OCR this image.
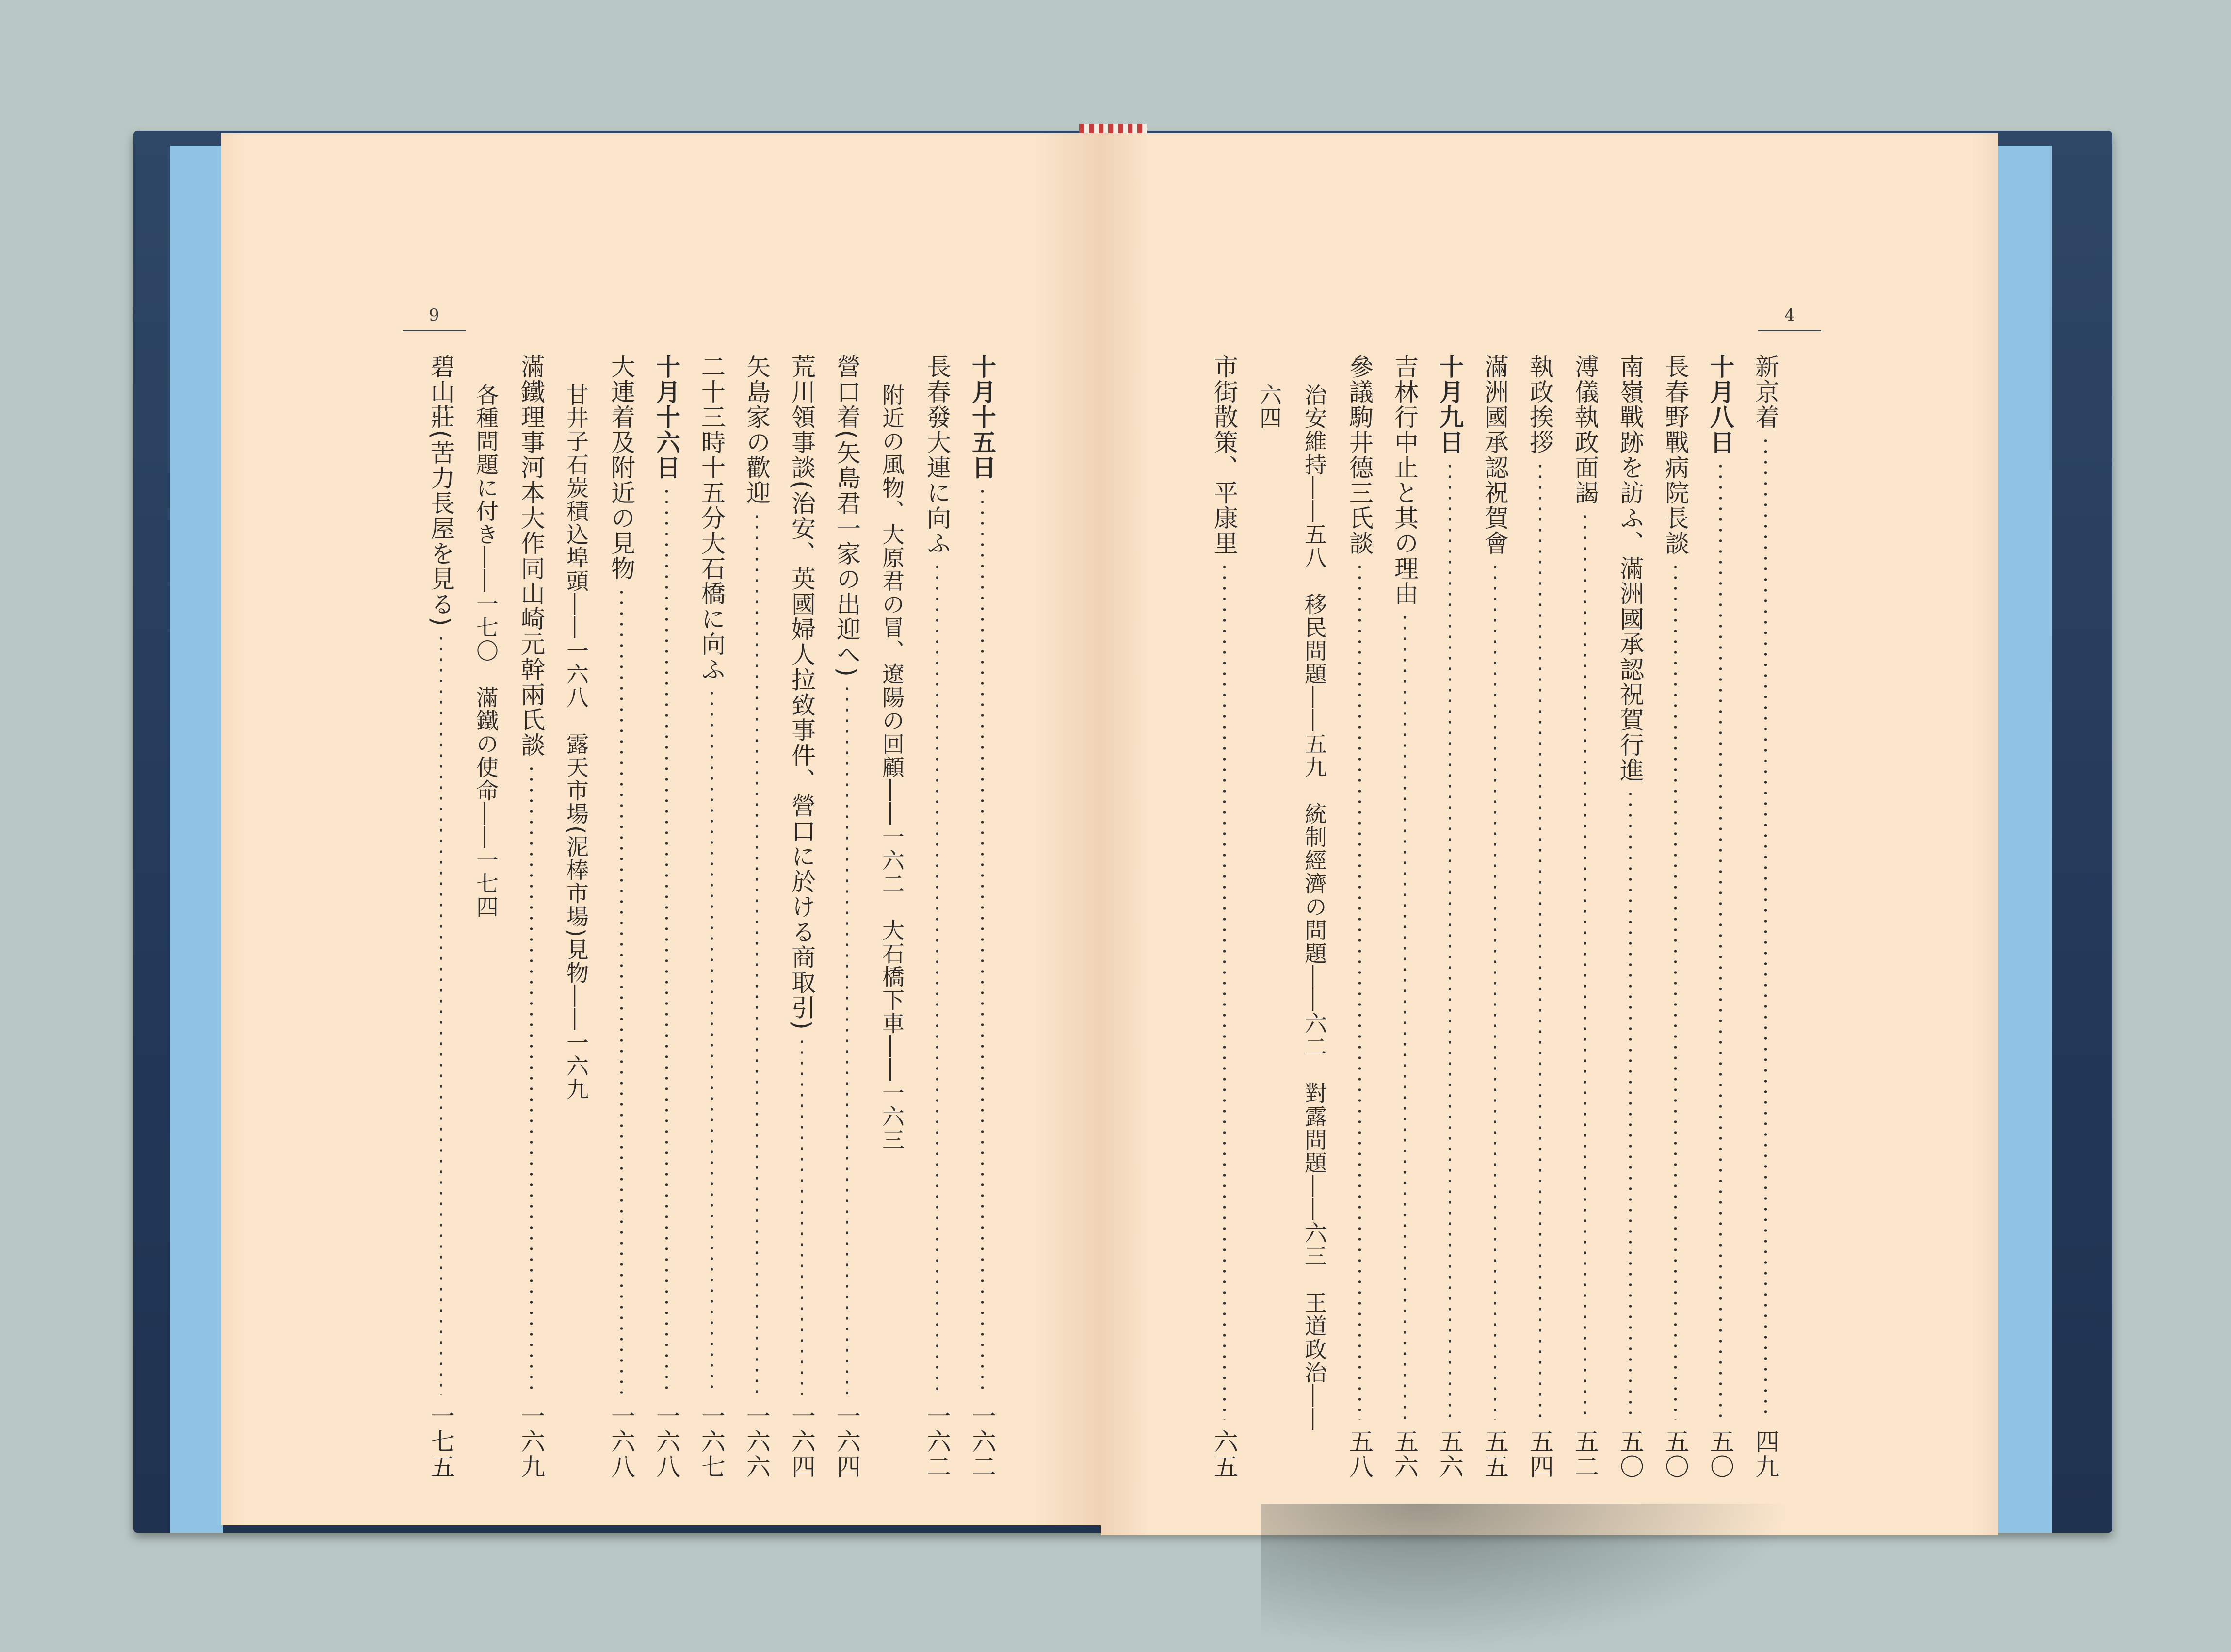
9
十月十五日
一六二
長春發大連に向ふ
一六二
附近の風物、大原君の冒、遼陽の回顧――一六二　大石橋下車――一六三
營口着(矢島君一家の出迎へ)
一六四
荒川領事談(治安、英國婦人拉致事件、營口に於ける商取引)
一六四
矢島家の歡迎
一六六
二十三時十五分大石橋に向ふ
一六七
十月十六日
一六八
大連着及附近の見物
一六八
甘井子石炭積込埠頭――一六八　露天市場(泥棒市場)見物――一六九
滿鐵理事河本大作同山崎元幹兩氏談
一六九
各種問題に付き――一七〇　滿鐵の使命――一七四
碧山莊(苦力長屋を見る)
一七五
4
新京着
四九
十月八日
五〇
長春野戰病院長談
五〇
南嶺戰跡を訪ふ、滿洲國承認祝賀行進
五〇
溥儀執政面謁
五二
執政挨拶
五四
滿洲國承認祝賀會
五五
十月九日
五六
吉林行中止と其の理由
五六
參議駒井德三氏談
五八
治安維持――五八　移民問題――五九　統制經濟の問題――六二　對露問題――六三　王道政治――
六四
市街散策、平康里
六五
